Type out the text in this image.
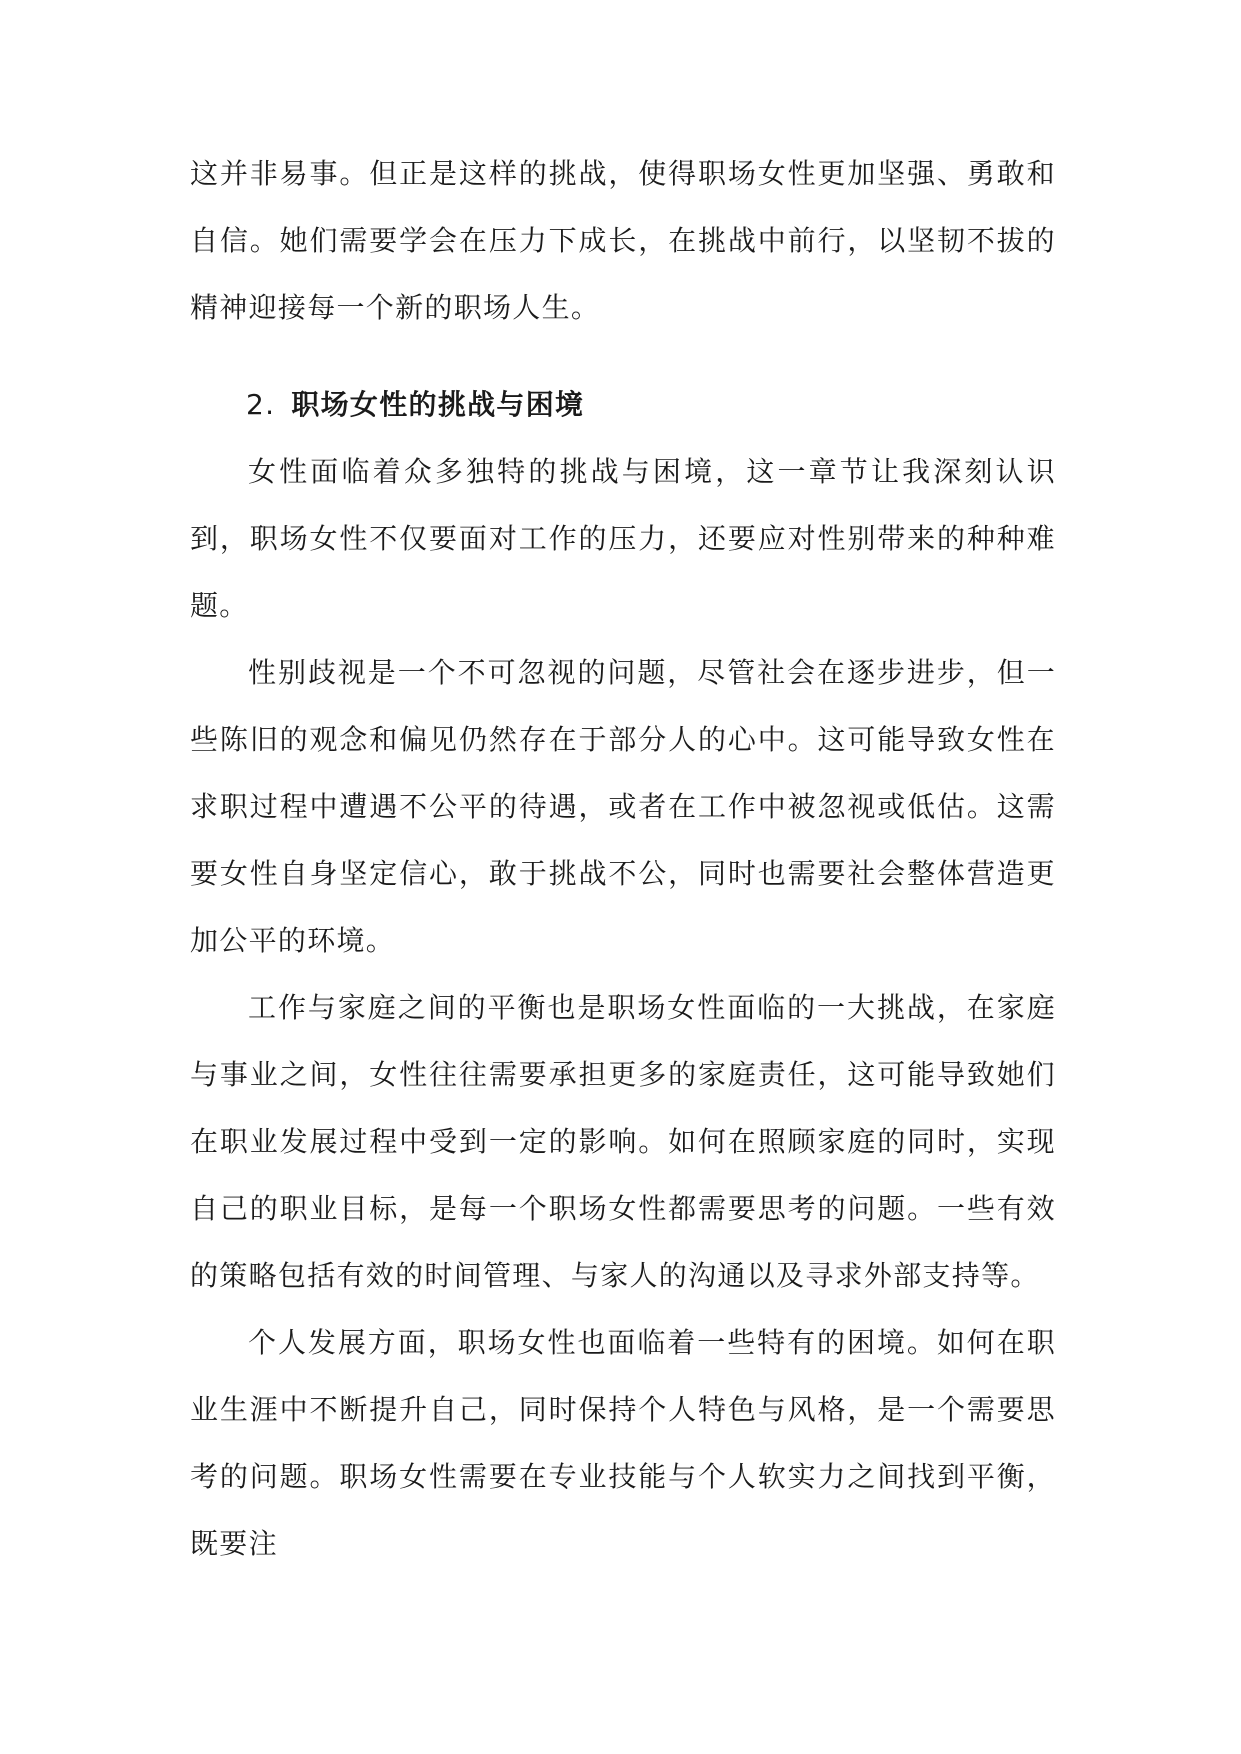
这并非易事。但正是这样的挑战，使得职场女性更加坚强、勇敢和自信。她们需要学会在压力下成长，在挑战中前行，以坚韧不拔的精神迎接每一个新的职场人生。

2. 职场女性的挑战与困境

女性面临着众多独特的挑战与困境，这一章节让我深刻认识到，职场女性不仅要面对工作的压力，还要应对性别带来的种种难题。

性别歧视是一个不可忽视的问题，尽管社会在逐步进步，但一些陈旧的观念和偏见仍然存在于部分人的心中。这可能导致女性在求职过程中遭遇不公平的待遇，或者在工作中被忽视或低估。这需要女性自身坚定信心，敢于挑战不公，同时也需要社会整体营造更加公平的环境。

工作与家庭之间的平衡也是职场女性面临的一大挑战，在家庭与事业之间，女性往往需要承担更多的家庭责任，这可能导致她们在职业发展过程中受到一定的影响。如何在照顾家庭的同时，实现自己的职业目标，是每一个职场女性都需要思考的问题。一些有效的策略包括有效的时间管理、与家人的沟通以及寻求外部支持等。

个人发展方面，职场女性也面临着一些特有的困境。如何在职业生涯中不断提升自己，同时保持个人特色与风格，是一个需要思考的问题。职场女性需要在专业技能与个人软实力之间找到平衡，既要注
